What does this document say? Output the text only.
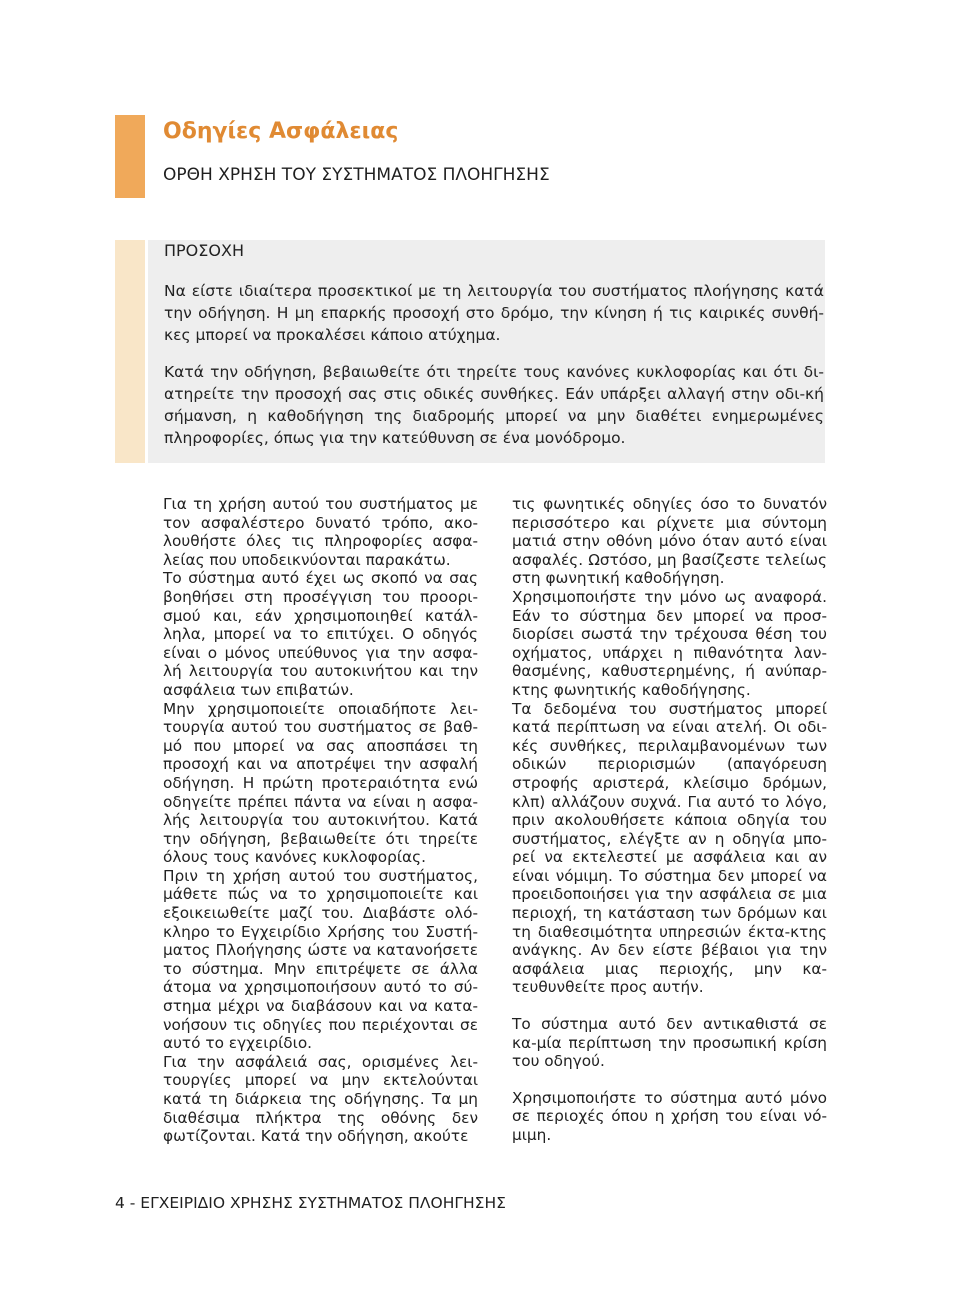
Οδηγίες Ασφάλειας
ΟΡΘΗ ΧΡΗΣΗ ΤΟΥ ΣΥΣΤΗΜΑΤΟΣ ΠΛΟΗΓΗΣΗΣ

ΠΡΟΣΟΧΗ

Να είστε ιδιαίτερα προσεκτικοί με τη λειτουργία του συστήματος πλοήγησης κατά την οδήγηση. Η μη επαρκής προσοχή στο δρόμο, την κίνηση ή τις καιρικές συνθή-κες μπορεί να προκαλέσει κάποιο ατύχημα.

Κατά την οδήγηση, βεβαιωθείτε ότι τηρείτε τους κανόνες κυκλοφορίας και ότι δι-ατηρείτε την προσοχή σας στις οδικές συνθήκες. Εάν υπάρξει αλλαγή στην οδι-κή σήμανση, η καθοδήγηση της διαδρομής μπορεί να μην διαθέτει ενημερωμένες πληροφορίες, όπως για την κατεύθυνση σε ένα μονόδρομο.

Για τη χρήση αυτού του συστήματος με τον ασφαλέστερο δυνατό τρόπο, ακο-λουθήστε όλες τις πληροφορίες ασφα-λείας που υποδεικνύονται παρακάτω.

Το σύστημα αυτό έχει ως σκοπό να σας βοηθήσει στη προσέγγιση του προορι-σμού και, εάν χρησιμοποιηθεί κατάλ-ληλα, μπορεί να το επιτύχει. Ο οδηγός είναι ο μόνος υπεύθυνος για την ασφα-λή λειτουργία του αυτοκινήτου και την ασφάλεια των επιβατών.

Μην χρησιμοποιείτε οποιαδήποτε λει-τουργία αυτού του συστήματος σε βαθ-μό που μπορεί να σας αποσπάσει τη προσοχή και να αποτρέψει την ασφαλή οδήγηση. Η πρώτη προτεραιότητα ενώ οδηγείτε πρέπει πάντα να είναι η ασφα-λής λειτουργία του αυτοκινήτου. Κατά την οδήγηση, βεβαιωθείτε ότι τηρείτε όλους τους κανόνες κυκλοφορίας.

Πριν τη χρήση αυτού του συστήματος, μάθετε πώς να το χρησιμοποιείτε και εξοικειωθείτε μαζί του. Διαβάστε ολό-κληρο το Εγχειρίδιο Χρήσης του Συστή-ματος Πλοήγησης ώστε να κατανοήσετε το σύστημα. Μην επιτρέψετε σε άλλα άτομα να χρησιμοποιήσουν αυτό το σύ-στημα μέχρι να διαβάσουν και να κατα-νοήσουν τις οδηγίες που περιέχονται σε αυτό το εγχειρίδιο.

Για την ασφάλειά σας, ορισμένες λει-τουργίες μπορεί να μην εκτελούνται κατά τη διάρκεια της οδήγησης. Τα μη διαθέσιμα πλήκτρα της οθόνης δεν φωτίζονται. Κατά την οδήγηση, ακούτε

τις φωνητικές οδηγίες όσο το δυνατόν περισσότερο και ρίχνετε μια σύντομη ματιά στην οθόνη μόνο όταν αυτό είναι ασφαλές. Ωστόσο, μη βασίζεστε τελείως στη φωνητική καθοδήγηση.

Χρησιμοποιήστε την μόνο ως αναφορά. Εάν το σύστημα δεν μπορεί να προσ-διορίσει σωστά την τρέχουσα θέση του οχήματος, υπάρχει η πιθανότητα λαν-θασμένης, καθυστερημένης, ή ανύπαρ-κτης φωνητικής καθοδήγησης.

Τα δεδομένα του συστήματος μπορεί κατά περίπτωση να είναι ατελή. Οι οδι-κές συνθήκες, περιλαμβανομένων των οδικών περιορισμών (απαγόρευση στροφής αριστερά, κλείσιμο δρόμων, κλπ) αλλάζουν συχνά. Για αυτό το λόγο, πριν ακολουθήσετε κάποια οδηγία του συστήματος, ελέγξτε αν η οδηγία μπο-ρεί να εκτελεστεί με ασφάλεια και αν είναι νόμιμη. Το σύστημα δεν μπορεί να προειδοποιήσει για την ασφάλεια σε μια περιοχή, τη κατάσταση των δρόμων και τη διαθεσιμότητα υπηρεσιών έκτα-κτης ανάγκης. Αν δεν είστε βέβαιοι για την ασφάλεια μιας περιοχής, μην κα-τευθυνθείτε προς αυτήν.

Το σύστημα αυτό δεν αντικαθιστά σε κα-μία περίπτωση την προσωπική κρίση του οδηγού.

Χρησιμοποιήστε το σύστημα αυτό μόνο σε περιοχές όπου η χρήση του είναι νό-μιμη.

4 - ΕΓΧΕΙΡΙΔΙΟ ΧΡΗΣΗΣ ΣΥΣΤΗΜΑΤΟΣ ΠΛΟΗΓΗΣΗΣ
